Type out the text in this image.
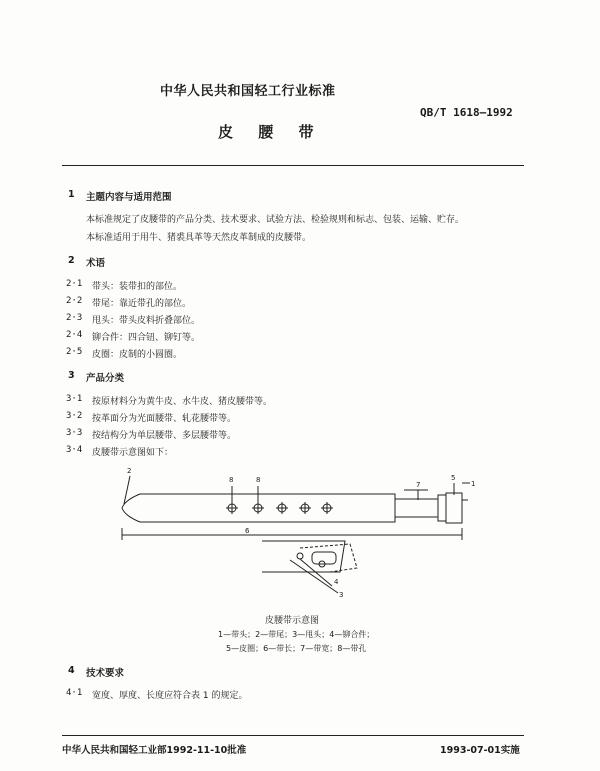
中华人民共和国轻工行业标准
QB/T 1618—1992
皮 腰 带
1 主题内容与适用范围
本标准规定了皮腰带的产品分类、技术要求、试验方法、检验规则和标志、包装、运输、贮存。
本标准适用于用牛、猪裘具革等天然皮革制成的皮腰带。
2 术语
2·1 带头：装带扣的部位。
2·2 带尾：靠近带孔的部位。
2·3 甩头：带头皮料折叠部位。
2·4 铆合件：四合钮、铆钉等。
2·5 皮圈：皮制的小圆圈。
3 产品分类
3·1 按原材料分为黄牛皮、水牛皮、猪皮腰带等。
3·2 按革面分为光面腰带、轧花腰带等。
3·3 按结构分为单层腰带、多层腰带等。
3·4 皮腰带示意图如下：
2
8	8
7
5
1
6
4
3
皮腰带示意图
1—带头；2—带尾；3—甩头；4—铆合件；
5—皮圈；6—带长；7—带宽；8—带孔
4 技术要求
4·1 宽度、厚度、长度应符合表 1 的规定。
中华人民共和国轻工业部1992-11-10批准	1993-07-01实施
